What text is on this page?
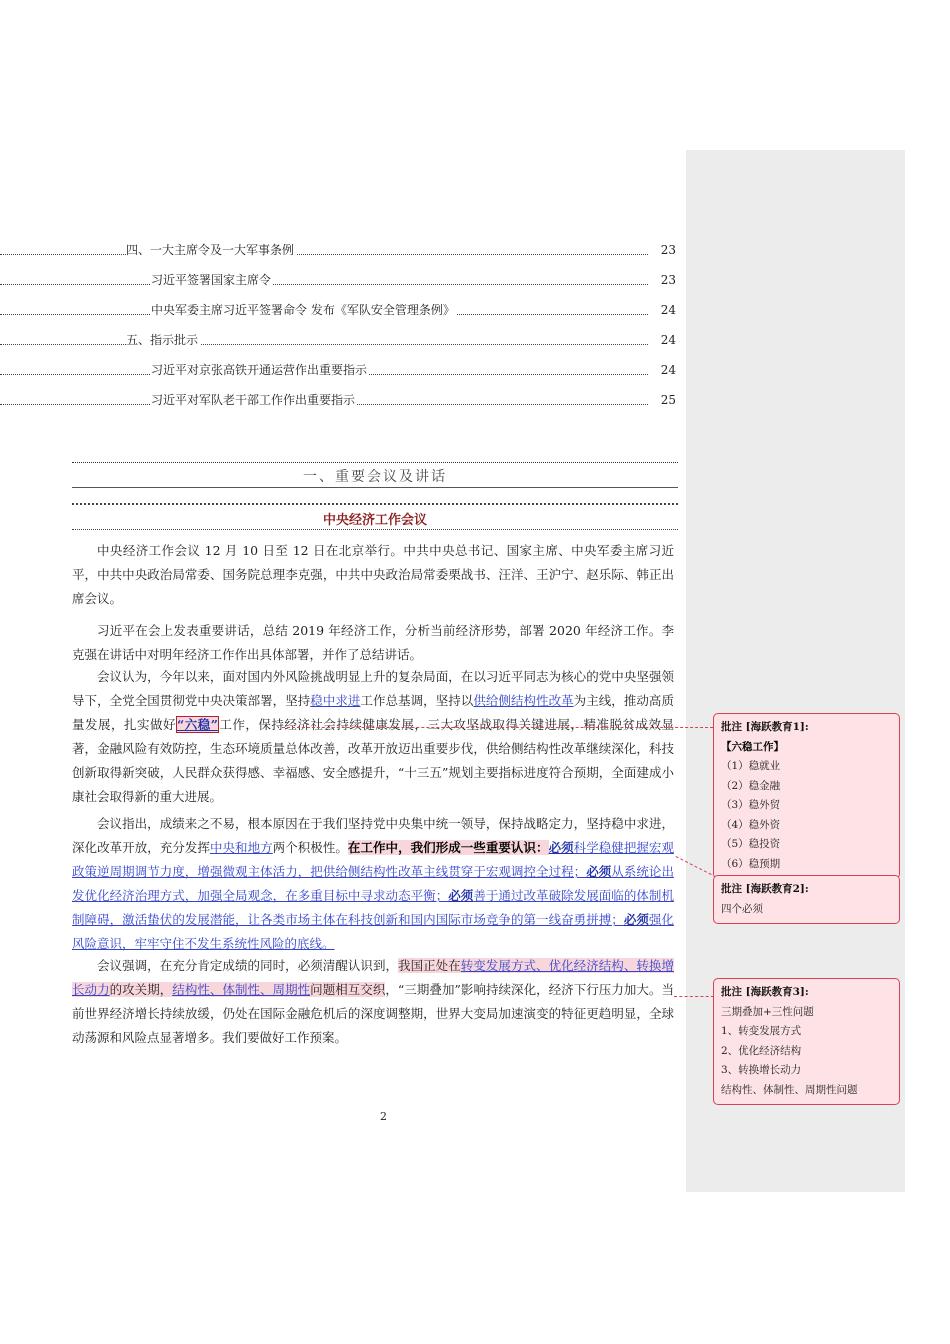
四、一大主席令及一大军事条例	23
习近平签署国家主席令	23
中央军委主席习近平签署命令 发布《军队安全管理条例》	24
五、指示批示	24
习近平对京张高铁开通运营作出重要指示	24
习近平对军队老干部工作作出重要指示	25
一、重要会议及讲话
中央经济工作会议
中央经济工作会议 12 月 10 日至 12 日在北京举行。中共中央总书记、国家主席、中央军委主席习近平，中共中央政治局常委、国务院总理李克强，中共中央政治局常委栗战书、汪洋、王沪宁、赵乐际、韩正出席会议。
习近平在会上发表重要讲话，总结 2019 年经济工作，分析当前经济形势，部署 2020 年经济工作。李克强在讲话中对明年经济工作作出具体部署，并作了总结讲话。
会议认为，今年以来，面对国内外风险挑战明显上升的复杂局面，在以习近平同志为核心的党中央坚强领导下，全党全国贯彻党中央决策部署，坚持稳中求进工作总基调，坚持以供给侧结构性改革为主线，推动高质量发展，扎实做好“六稳”工作，保持经济社会持续健康发展，三大攻坚战取得关键进展，精准脱贫成效显著，金融风险有效防控，生态环境质量总体改善，改革开放迈出重要步伐，供给侧结构性改革继续深化，科技创新取得新突破，人民群众获得感、幸福感、安全感提升，“十三五”规划主要指标进度符合预期，全面建成小康社会取得新的重大进展。
会议指出，成绩来之不易，根本原因在于我们坚持党中央集中统一领导，保持战略定力，坚持稳中求进，深化改革开放，充分发挥中央和地方两个积极性。在工作中，我们形成一些重要认识：必须科学稳健把握宏观政策逆周期调节力度，增强微观主体活力，把供给侧结构性改革主线贯穿于宏观调控全过程；必须从系统论出发优化经济治理方式，加强全局观念，在多重目标中寻求动态平衡；必须善于通过改革破除发展面临的体制机制障碍，激活蛰伏的发展潜能，让各类市场主体在科技创新和国内国际市场竞争的第一线奋勇拼搏；必须强化风险意识，牢牢守住不发生系统性风险的底线。
会议强调，在充分肯定成绩的同时，必须清醒认识到，我国正处在转变发展方式、优化经济结构、转换增长动力的攻关期，结构性、体制性、周期性问题相互交织，“三期叠加”影响持续深化，经济下行压力加大。当前世界经济增长持续放缓，仍处在国际金融危机后的深度调整期，世界大变局加速演变的特征更趋明显，全球动荡源和风险点显著增多。我们要做好工作预案。
2
批注 [海跃教育1]:
【六稳工作】
（1）稳就业
（2）稳金融
（3）稳外贸
（4）稳外资
（5）稳投资
（6）稳预期
批注 [海跃教育2]:
四个必须
批注 [海跃教育3]:
三期叠加+三性问题
1、转变发展方式
2、优化经济结构
3、转换增长动力
结构性、体制性、周期性问题
